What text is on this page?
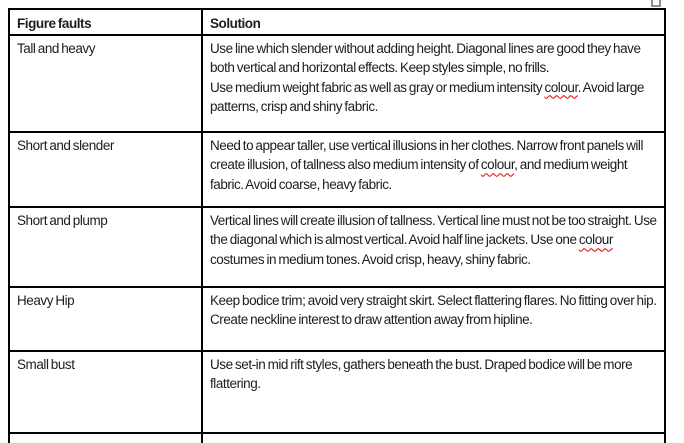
Figure faults	Solution
Tall and heavy	Use line which slender without adding height. Diagonal lines are good they have both vertical and horizontal effects. Keep styles simple, no frills.
Use medium weight fabric as well as gray or medium intensity colour. Avoid large patterns, crisp and shiny fabric.
Short and slender	Need to appear taller, use vertical illusions in her clothes. Narrow front panels will create illusion, of tallness also medium intensity of colour, and medium weight fabric. Avoid coarse, heavy fabric.
Short and plump	Vertical lines will create illusion of tallness. Vertical line must not be too straight. Use the diagonal which is almost vertical. Avoid half line jackets. Use one colour costumes in medium tones. Avoid crisp, heavy, shiny fabric.
Heavy Hip	Keep bodice trim; avoid very straight skirt. Select flattering flares. No fitting over hip. Create neckline interest to draw attention away from hipline.
Small bust	Use set-in mid rift styles, gathers beneath the bust. Draped bodice will be more flattering.
